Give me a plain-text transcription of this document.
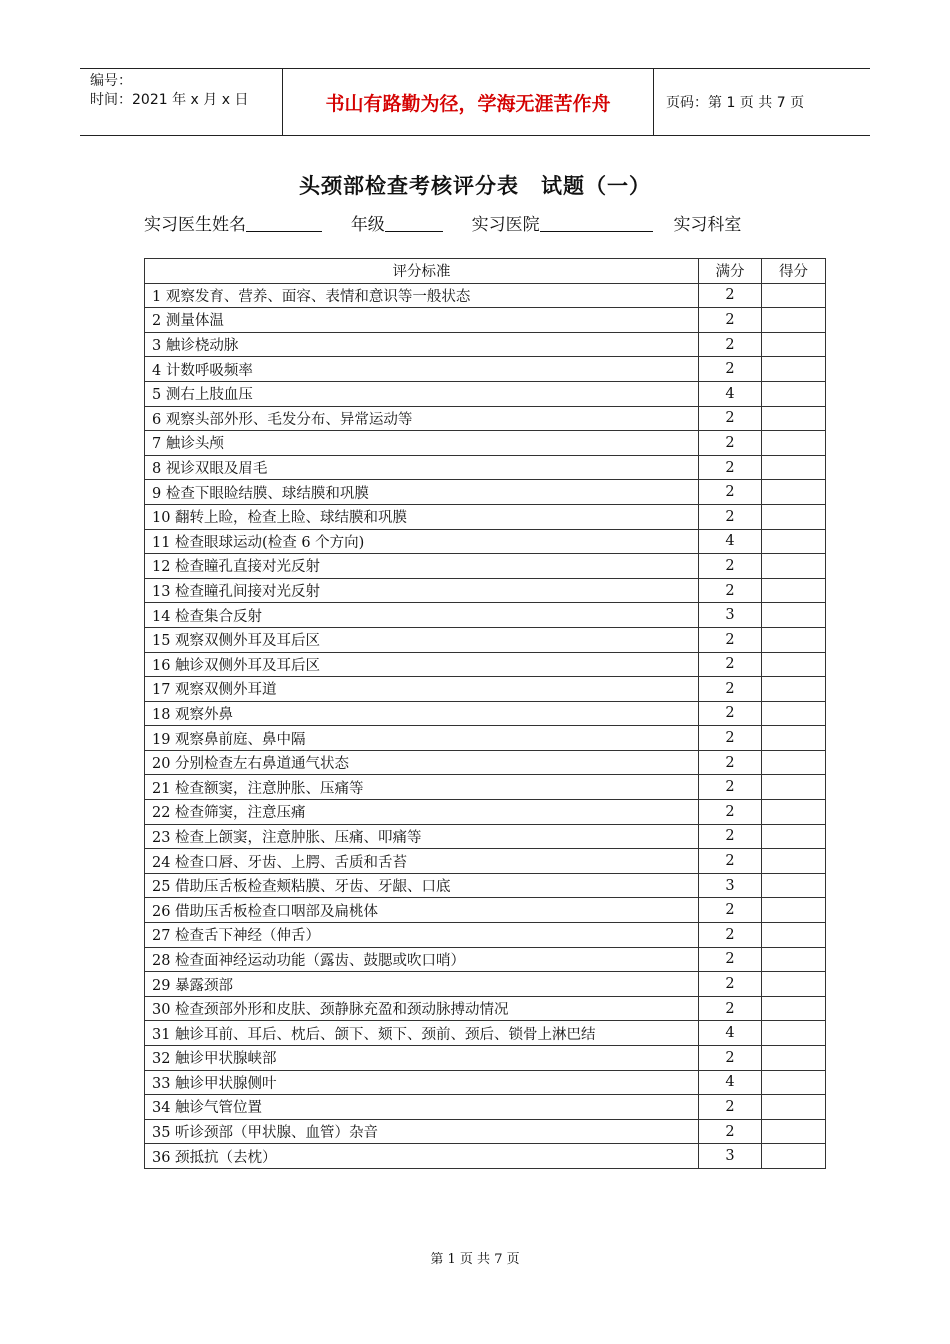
编号：
时间：2021 年 x 月 x 日	书山有路勤为径，学海无涯苦作舟	页码：第 1 页 共 7 页
头颈部检查考核评分表　试题（一）
实习医生姓名	年级	实习医院	实习科室
评分标准	满分	得分
1 观察发育、营养、面容、表情和意识等一般状态	2	
2 测量体温	2	
3 触诊桡动脉	2	
4 计数呼吸频率	2	
5 测右上肢血压	4	
6 观察头部外形、毛发分布、异常运动等	2	
7 触诊头颅	2	
8 视诊双眼及眉毛	2	
9 检查下眼睑结膜、球结膜和巩膜	2	
10 翻转上睑，检查上睑、球结膜和巩膜	2	
11 检查眼球运动(检查 6 个方向)	4	
12 检查瞳孔直接对光反射	2	
13 检查瞳孔间接对光反射	2	
14 检查集合反射	3	
15 观察双侧外耳及耳后区	2	
16 触诊双侧外耳及耳后区	2	
17 观察双侧外耳道	2	
18 观察外鼻	2	
19 观察鼻前庭、鼻中隔	2	
20 分别检查左右鼻道通气状态	2	
21 检查额窦，注意肿胀、压痛等	2	
22 检查筛窦，注意压痛	2	
23 检查上颌窦，注意肿胀、压痛、叩痛等	2	
24 检查口唇、牙齿、上腭、舌质和舌苔	2	
25 借助压舌板检查颊粘膜、牙齿、牙龈、口底	3	
26 借助压舌板检查口咽部及扁桃体	2	
27 检查舌下神经（伸舌）	2	
28 检查面神经运动功能（露齿、鼓腮或吹口哨）	2	
29 暴露颈部	2	
30 检查颈部外形和皮肤、颈静脉充盈和颈动脉搏动情况	2	
31 触诊耳前、耳后、枕后、颌下、颏下、颈前、颈后、锁骨上淋巴结	4	
32 触诊甲状腺峡部	2	
33 触诊甲状腺侧叶	4	
34 触诊气管位置	2	
35 听诊颈部（甲状腺、血管）杂音	2	
36 颈抵抗（去枕）	3	
第 1 页 共 7 页
